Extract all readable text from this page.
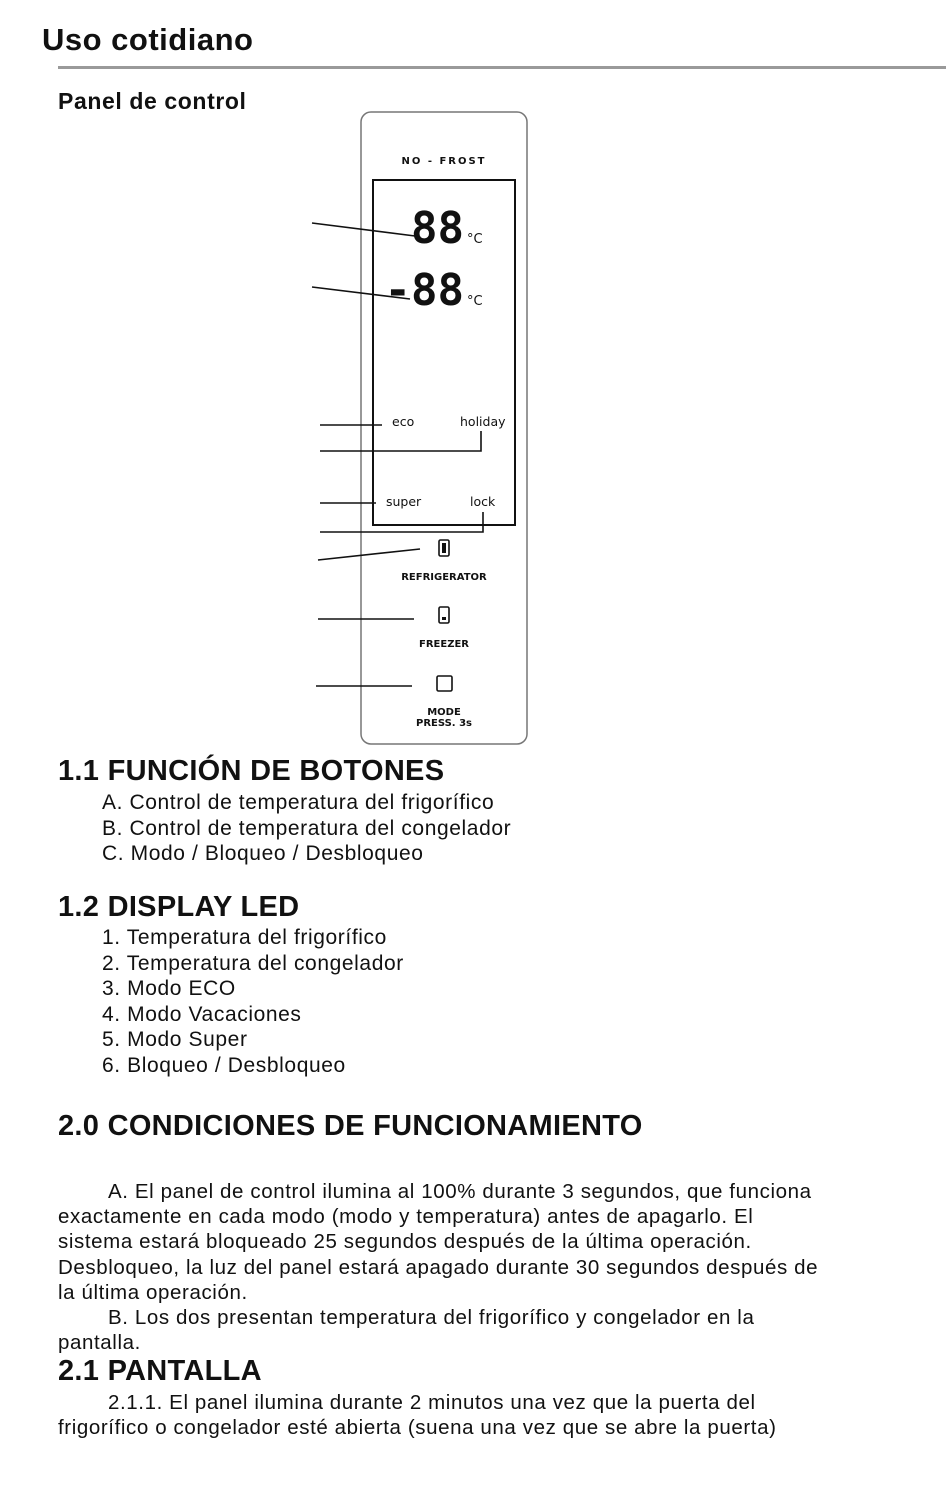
Uso cotidiano
Panel de control
NO - FROST
88 °C
-88 °C
eco	holiday
super	lock
REFRIGERATOR
FREEZER
MODE
PRESS. 3s
1.1 FUNCIÓN DE BOTONES
A. Control de temperatura del frigorífico
B. Control de temperatura del congelador
C. Modo / Bloqueo / Desbloqueo
1.2 DISPLAY LED
1. Temperatura del frigorífico
2. Temperatura del congelador
3. Modo ECO
4. Modo Vacaciones
5. Modo Super
6. Bloqueo / Desbloqueo
2.0 CONDICIONES DE FUNCIONAMIENTO
A. El panel de control ilumina al 100% durante 3 segundos, que funciona
exactamente en cada modo (modo y temperatura) antes de apagarlo. El
sistema estará bloqueado 25 segundos después de la última operación.
Desbloqueo, la luz del panel estará apagado durante 30 segundos después de
la última operación.
B. Los dos presentan temperatura del frigorífico y congelador en la
pantalla.
2.1 PANTALLA
2.1.1. El panel ilumina durante 2 minutos una vez que la puerta del
frigorífico o congelador esté abierta (suena una vez que se abre la puerta)
